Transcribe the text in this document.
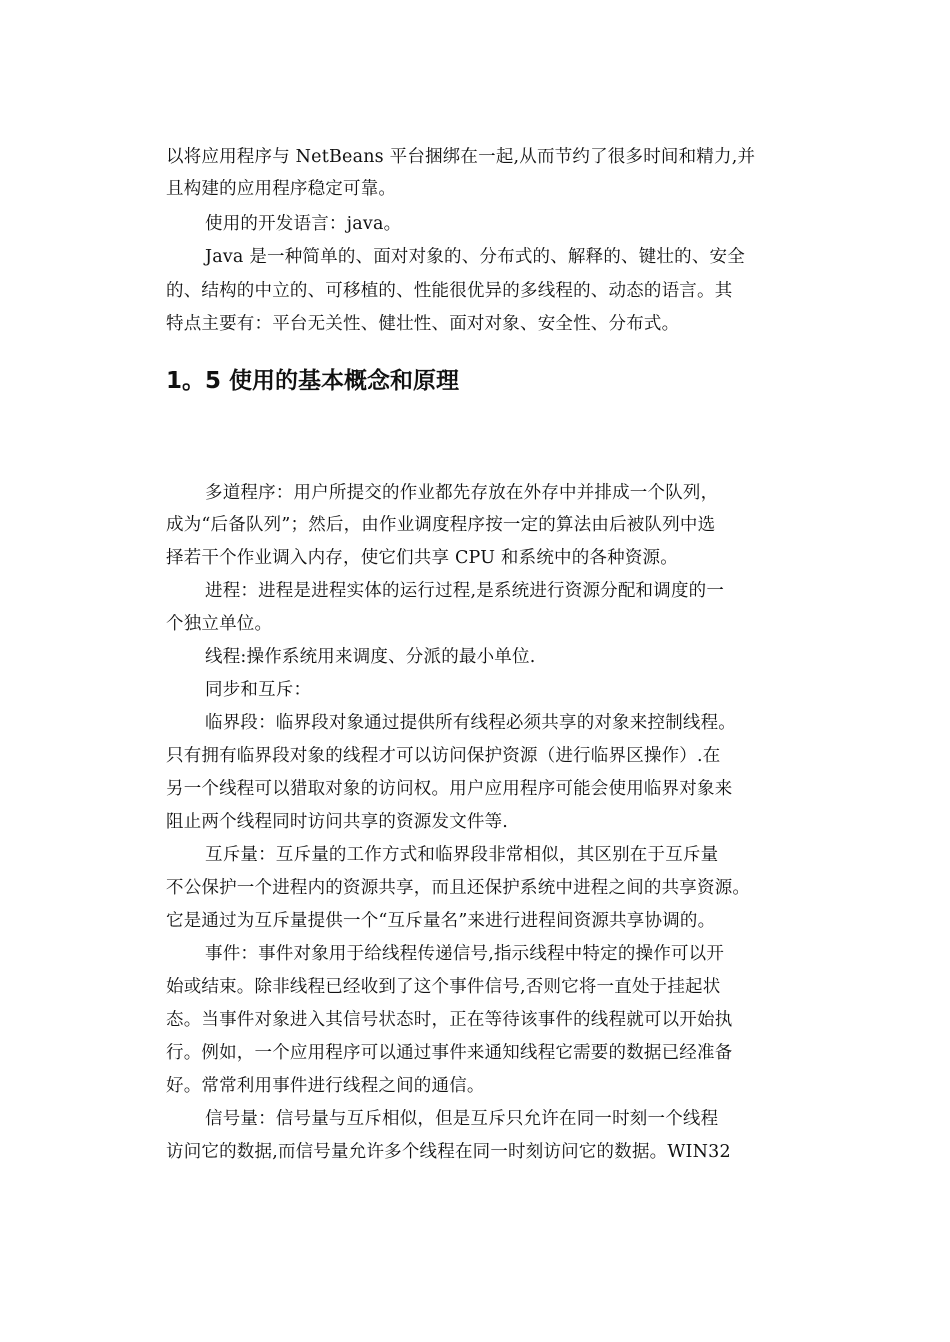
以将应用程序与 NetBeans 平台捆绑在一起,从而节约了很多时间和精力,并
且构建的应用程序稳定可靠。
使用的开发语言：java。
Java 是一种简单的、面对对象的、分布式的、解释的、键壮的、安全
的、结构的中立的、可移植的、性能很优异的多线程的、动态的语言。其
特点主要有：平台无关性、健壮性、面对对象、安全性、分布式。
1。5 使用的基本概念和原理
多道程序：用户所提交的作业都先存放在外存中并排成一个队列，
成为“后备队列”；然后，由作业调度程序按一定的算法由后被队列中选
择若干个作业调入内存，使它们共享 CPU 和系统中的各种资源。
进程：进程是进程实体的运行过程,是系统进行资源分配和调度的一
个独立单位。
线程:操作系统用来调度、分派的最小单位.
同步和互斥：
临界段：临界段对象通过提供所有线程必须共享的对象来控制线程。
只有拥有临界段对象的线程才可以访问保护资源（进行临界区操作）.在
另一个线程可以猎取对象的访问权。用户应用程序可能会使用临界对象来
阻止两个线程同时访问共享的资源发文件等.
互斥量：互斥量的工作方式和临界段非常相似，其区别在于互斥量
不公保护一个进程内的资源共享，而且还保护系统中进程之间的共享资源。
它是通过为互斥量提供一个“互斥量名”来进行进程间资源共享协调的。
事件：事件对象用于给线程传递信号,指示线程中特定的操作可以开
始或结束。除非线程已经收到了这个事件信号,否则它将一直处于挂起状
态。当事件对象进入其信号状态时，正在等待该事件的线程就可以开始执
行。例如，一个应用程序可以通过事件来通知线程它需要的数据已经准备
好。常常利用事件进行线程之间的通信。
信号量：信号量与互斥相似，但是互斥只允许在同一时刻一个线程
访问它的数据,而信号量允许多个线程在同一时刻访问它的数据。WIN32
